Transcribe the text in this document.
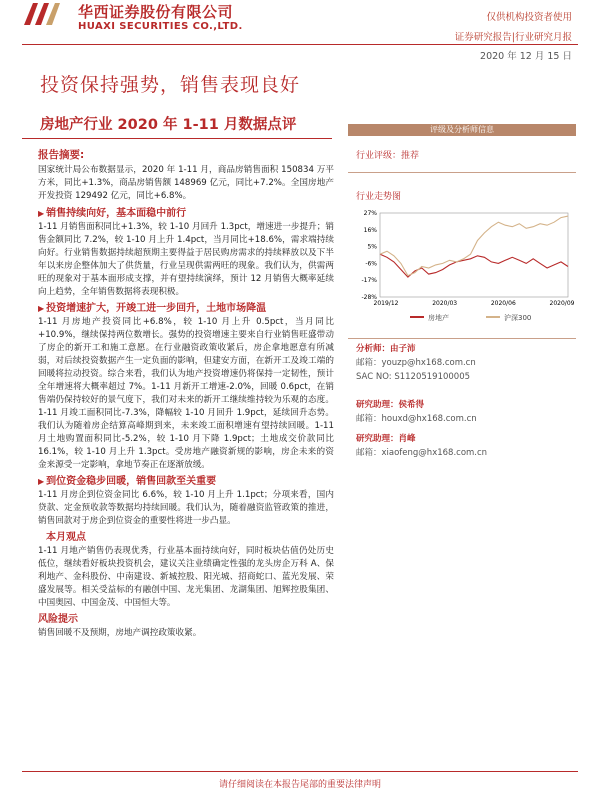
华西证券股份有限公司
HUAXI SECURITIES CO.,LTD.
仅供机构投资者使用
证券研究报告|行业研究月报
2020 年 12 月 15 日
投资保持强势，销售表现良好
房地产行业 2020 年 1-11 月数据点评
报告摘要:

国家统计局公布数据显示，2020 年 1-11 月，商品房销售面积 150834 万平方米，同比+1.3%，商品房销售额 148969 亿元，同比+7.2%。全国房地产开发投资 129492 亿元，同比+6.8%。

▶ 销售持续向好，基本面稳中前行

1-11 月销售面积同比+1.3%，较 1-10 月回升 1.3pct，增速进一步提升；销售金额同比 7.2%，较 1-10 月上升 1.4pct，当月同比+18.6%，需求端持续向好。行业销售数据持续超预期主要得益于居民购房需求的持续释放以及下半年以来房企整体加大了供货量，行业呈现供需两旺的现象。我们认为，供需两旺的现象对于基本面形成支撑，并有望持续演绎，预计 12 月销售大概率延续向上趋势，全年销售数据将表现积极。

▶ 投资增速扩大，开竣工进一步回升，土地市场降温

1-11 月房地产投资同比+6.8%，较 1-10 月上升 0.5pct，当月同比+10.9%，继续保持两位数增长。强势的投资增速主要来自行业销售旺盛带动了房企的新开工和施工意愿。在行业融资政策收紧后，房企拿地愿意有所减弱，对后续投资数据产生一定负面的影响，但建安方面，在新开工及竣工端的回暖将拉动投资。综合来看，我们认为地产投资增速仍将保持一定韧性，预计全年增速将大概率超过 7%。1-11 月新开工增速-2.0%，回暖 0.6pct，在销售端仍保持较好的景气度下，我们对未来的新开工继续维持较为乐观的态度。1-11 月竣工面积同比-7.3%，降幅较 1-10 月回升 1.9pct，延续回升态势。我们认为随着房企结算高峰期到来，未来竣工面积增速有望持续回暖。1-11 月土地购置面积同比-5.2%，较 1-10 月下降 1.9pct；土地成交价款同比 16.1%，较 1-10 月上升 1.3pct。受房地产融资新规的影响，房企未来的资金来源受一定影响，拿地节奏正在逐渐放缓。

▶ 到位资金稳步回暖，销售回款至关重要

1-11 月房企到位资金同比 6.6%，较 1-10 月上升 1.1pct；分项来看，国内贷款、定金预收款等数据均持续回暖。我们认为，随着融资监管政策的推进，销售回款对于房企到位资金的重要性将进一步凸显。

本月观点

1-11 月地产销售仍表现优秀，行业基本面持续向好，同时板块估值仍处历史低位，继续看好板块投资机会，建议关注业绩确定性强的龙头房企万科 A、保利地产、金科股份、中南建设、新城控股、阳光城、招商蛇口、蓝光发展、荣盛发展等。相关受益标的有融创中国、龙光集团、龙湖集团、旭辉控股集团、中国奥园、中国金茂、中国恒大等。

风险提示

销售回暖不及预期，房地产调控政策收紧。

评级及分析师信息
行业评级：推荐
行业走势图
27%
16%
5%
-6%
-17%
-28%
2019/12	2020/03	2020/06	2020/09
房地产	沪深300
分析师：由子沛
邮箱：youzp@hx168.com.cn
SAC NO: S1120519100005
研究助理：侯希得
邮箱：houxd@hx168.com.cn
研究助理：肖峰
邮箱：xiaofeng@hx168.com.cn
请仔细阅读在本报告尾部的重要法律声明
